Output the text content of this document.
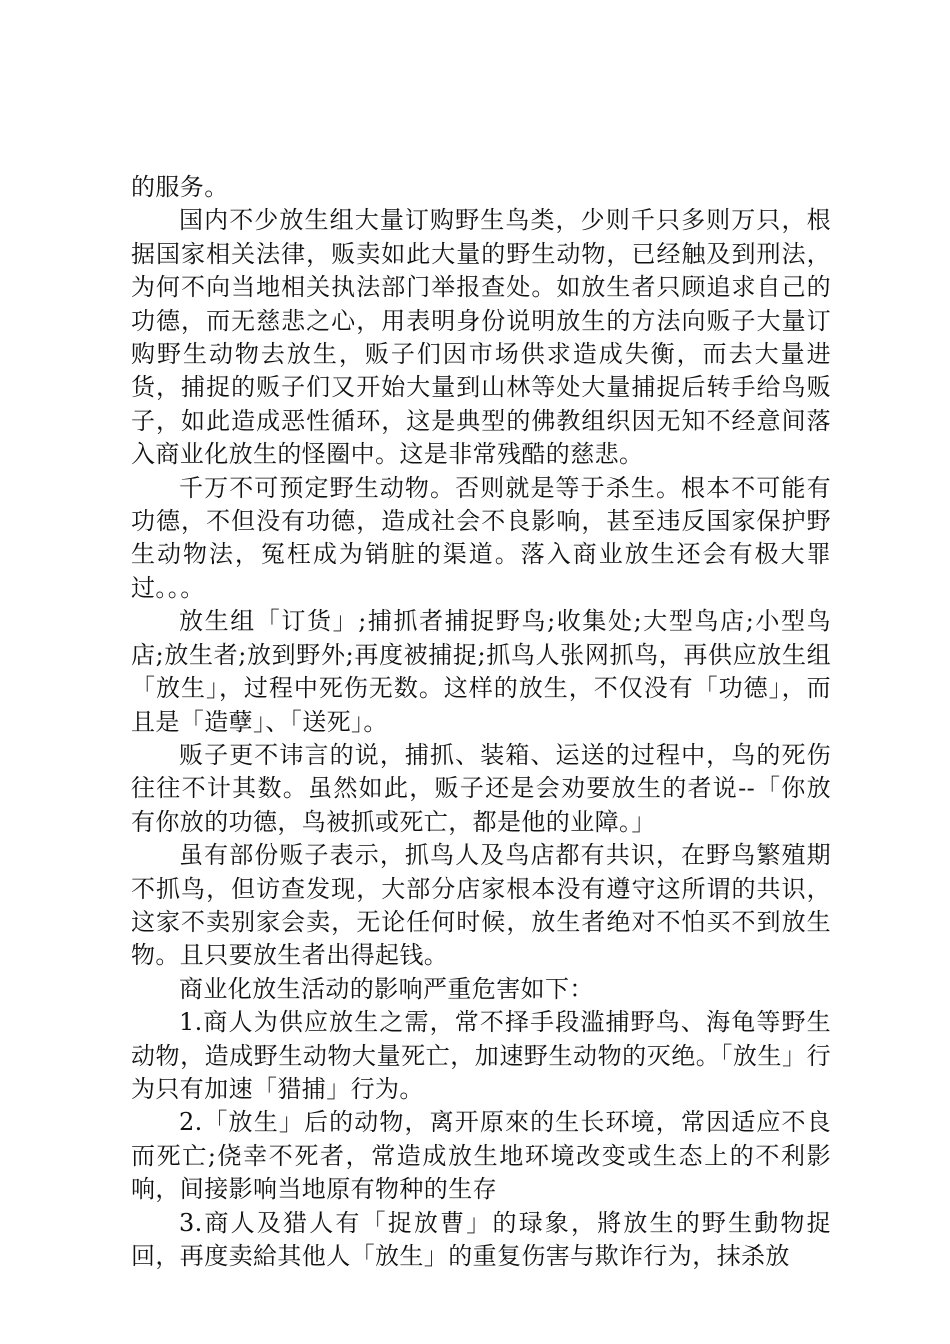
的服务。

国内不少放生组大量订购野生鸟类，少则千只多则万只，根据国家相关法律，贩卖如此大量的野生动物，已经触及到刑法，为何不向当地相关执法部门举报查处。如放生者只顾追求自己的功德，而无慈悲之心，用表明身份说明放生的方法向贩子大量订购野生动物去放生，贩子们因市场供求造成失衡，而去大量进货，捕捉的贩子们又开始大量到山林等处大量捕捉后转手给鸟贩子，如此造成恶性循环，这是典型的佛教组织因无知不经意间落入商业化放生的怪圈中。这是非常残酷的慈悲。

千万不可预定野生动物。否则就是等于杀生。根本不可能有功德，不但没有功德，造成社会不良影响，甚至违反国家保护野生动物法，冤枉成为销脏的渠道。落入商业放生还会有极大罪过。。。

放生组「订货」;捕抓者捕捉野鸟;收集处;大型鸟店;小型鸟店;放生者;放到野外;再度被捕捉;抓鸟人张网抓鸟，再供应放生组「放生」，过程中死伤无数。这样的放生，不仅没有「功德」，而且是「造孽」、「送死」。

贩子更不讳言的说，捕抓、装箱、运送的过程中，鸟的死伤往往不计其数。虽然如此，贩子还是会劝要放生的者说--「你放有你放的功德，鸟被抓或死亡，都是他的业障。」

虽有部份贩子表示，抓鸟人及鸟店都有共识，在野鸟繁殖期不抓鸟，但访查发现，大部分店家根本没有遵守这所谓的共识，这家不卖别家会卖，无论任何时候，放生者绝对不怕买不到放生物。且只要放生者出得起钱。

商业化放生活动的影响严重危害如下：

1.商人为供应放生之需，常不择手段滥捕野鸟、海龟等野生动物，造成野生动物大量死亡，加速野生动物的灭绝。「放生」行为只有加速「猎捕」行为。

2.「放生」后的动物，离开原來的生长环境，常因适应不良而死亡;侥幸不死者，常造成放生地环境改变或生态上的不利影响，间接影响当地原有物种的生存

3.商人及猎人有「捉放曹」的琭象，將放生的野生動物捉回，再度卖給其他人「放生」的重复伤害与欺诈行为，抹杀放
